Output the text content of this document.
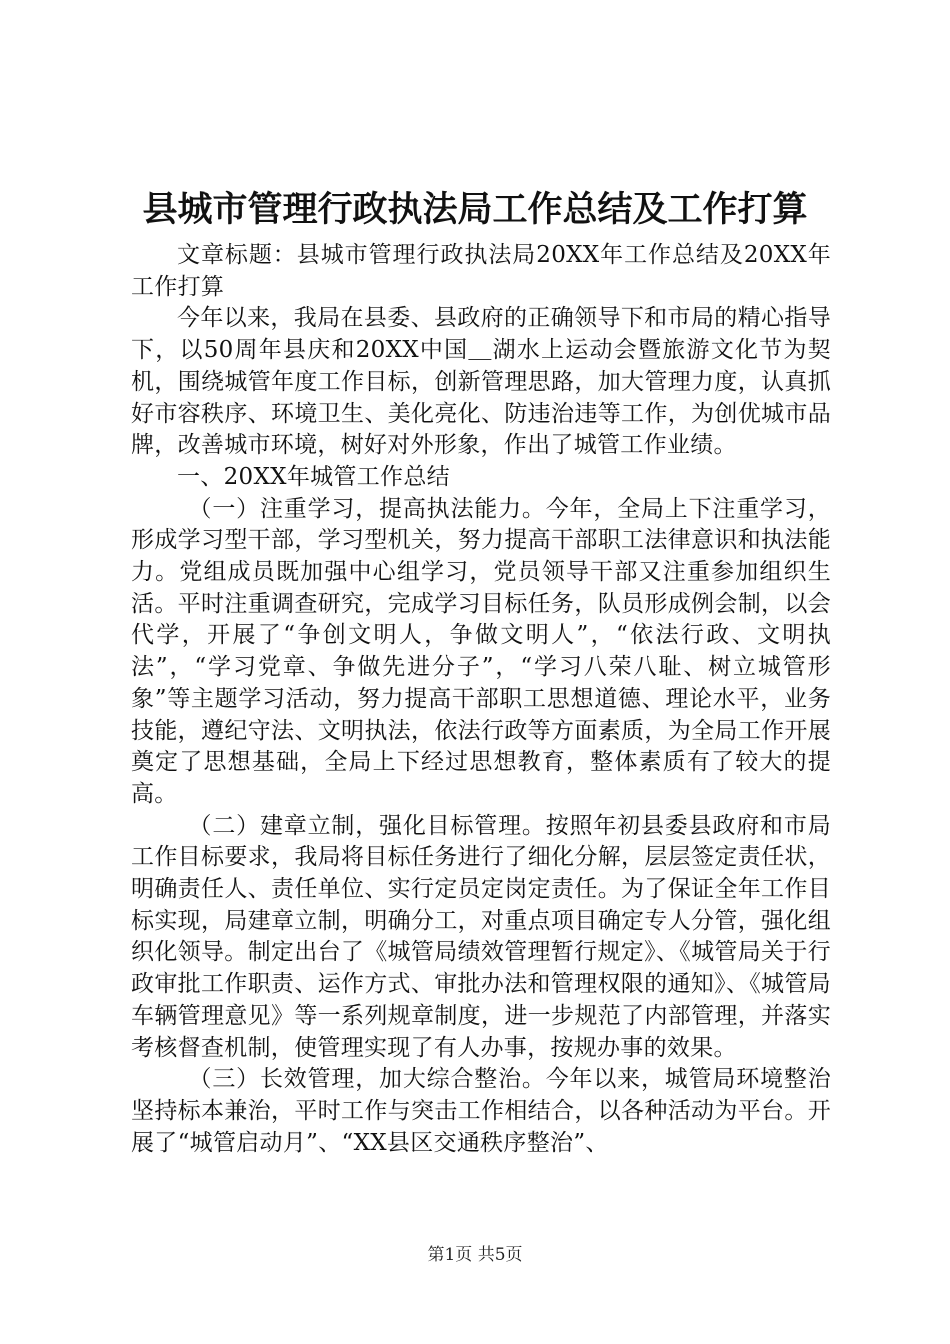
县城市管理行政执法局工作总结及工作打算

文章标题：县城市管理行政执法局20XX年工作总结及20XX年工作打算

今年以来，我局在县委、县政府的正确领导下和市局的精心指导下，以50周年县庆和20XX中国＿湖水上运动会暨旅游文化节为契机，围绕城管年度工作目标，创新管理思路，加大管理力度，认真抓好市容秩序、环境卫生、美化亮化、防违治违等工作，为创优城市品牌，改善城市环境，树好对外形象，作出了城管工作业绩。

一、20XX年城管工作总结

（一）注重学习，提高执法能力。今年，全局上下注重学习，形成学习型干部，学习型机关，努力提高干部职工法律意识和执法能力。党组成员既加强中心组学习，党员领导干部又注重参加组织生活。平时注重调查研究，完成学习目标任务，队员形成例会制，以会代学，开展了“争创文明人，争做文明人”，“依法行政、文明执法”，“学习党章、争做先进分子”，“学习八荣八耻、树立城管形象”等主题学习活动，努力提高干部职工思想道德、理论水平，业务技能，遵纪守法、文明执法，依法行政等方面素质，为全局工作开展奠定了思想基础，全局上下经过思想教育，整体素质有了较大的提高。

（二）建章立制，强化目标管理。按照年初县委县政府和市局工作目标要求，我局将目标任务进行了细化分解，层层签定责任状，明确责任人、责任单位、实行定员定岗定责任。为了保证全年工作目标实现，局建章立制，明确分工，对重点项目确定专人分管，强化组织化领导。制定出台了《城管局绩效管理暂行规定》、《城管局关于行政审批工作职责、运作方式、审批办法和管理权限的通知》、《城管局车辆管理意见》等一系列规章制度，进一步规范了内部管理，并落实考核督查机制，使管理实现了有人办事，按规办事的效果。

（三）长效管理，加大综合整治。今年以来，城管局环境整治坚持标本兼治，平时工作与突击工作相结合，以各种活动为平台。开展了“城管启动月”、“XX县区交通秩序整治”、

第1页 共5页
